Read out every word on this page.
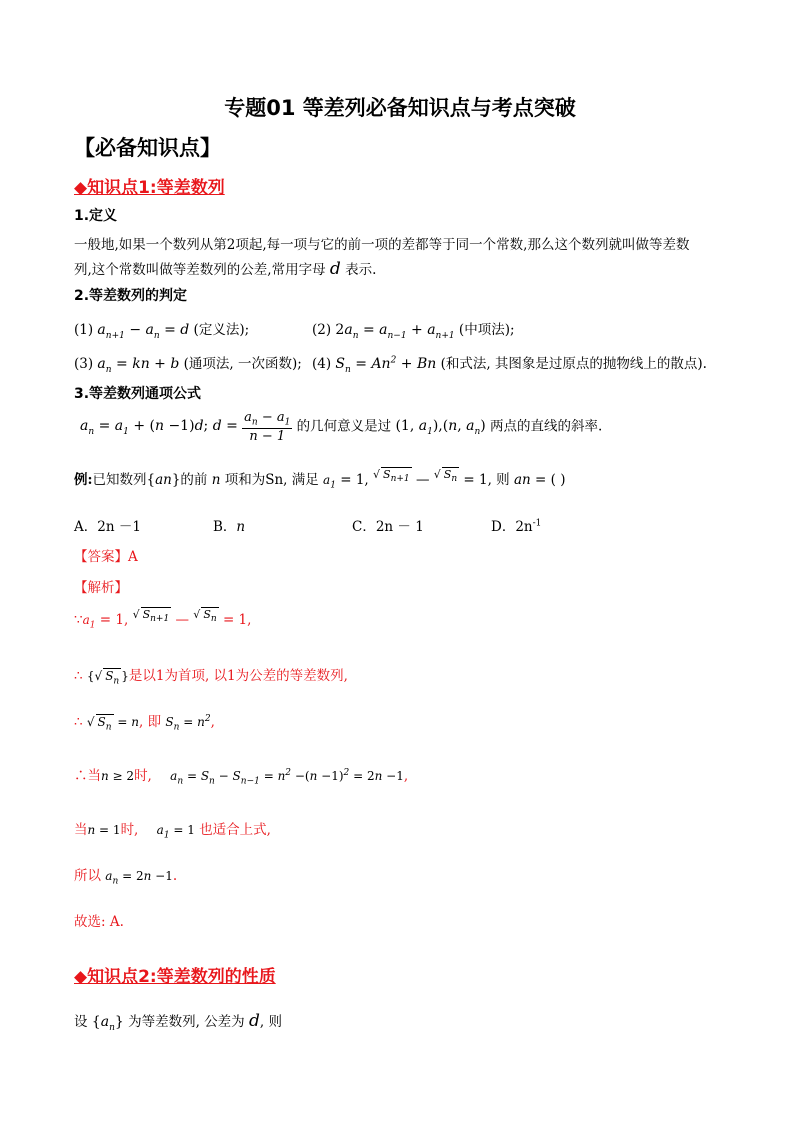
专题01 等差列必备知识点与考点突破
【必备知识点】
◆知识点1:等差数列
1.定义
一般地,如果一个数列从第2项起,每一项与它的前一项的差都等于同一个常数,那么这个数列就叫做等差数
列,这个常数叫做等差数列的公差,常用字母 d 表示.
2.等差数列的判定
(1) $a_{n+1} - a_n = d$ (定义法);	(2) $2a_n = a_{n-1} + a_{n+1}$ (中项法);
(3) $a_n$ = kn + b (通项法, 一次函数); (4) $S_n = An^2 + Bn$ (和式法, 其图象是过原点的抛物线上的散点).
3.等差数列通项公式
$a_n = a_1 + (n -1)d$; $d = \frac{a_n - a_1}{n - 1}$ 的几何意义是过 (1, $a_1),(n$, $a_n$) 两点的直线的斜率.
例:已知数列{an}的前 n 项和为Sn, 满足 $a_1 = 1$, $^{√ S_{n+1}}$ — $^{√ S_n}$ = 1, 则 an = ( )
A．2n －1	B．n	C．2n － 1	D．$2n^{-1}$
【答案】A
【解析】
$\because a_1 = 1$, $^{√ S_{n+1}}$ — $^{√ S_n}$ = 1,
∴ {√ $S_n$ }是以1为首项, 以1为公差的等差数列,
∴ √ $S_n = n$, 即 $S_n = n^2$,
∴当n ≥ 2时, $a_n = S_n - S_{n-1} = n^2 -(n -1)^2 = 2n -1$,
当n = 1时, $a_1 = 1$ 也适合上式,
所以 $a_n = 2n -1$.
故选: A.
◆知识点2:等差数列的性质
设 $\{a_n\}$ 为等差数列, 公差为 d, 则
